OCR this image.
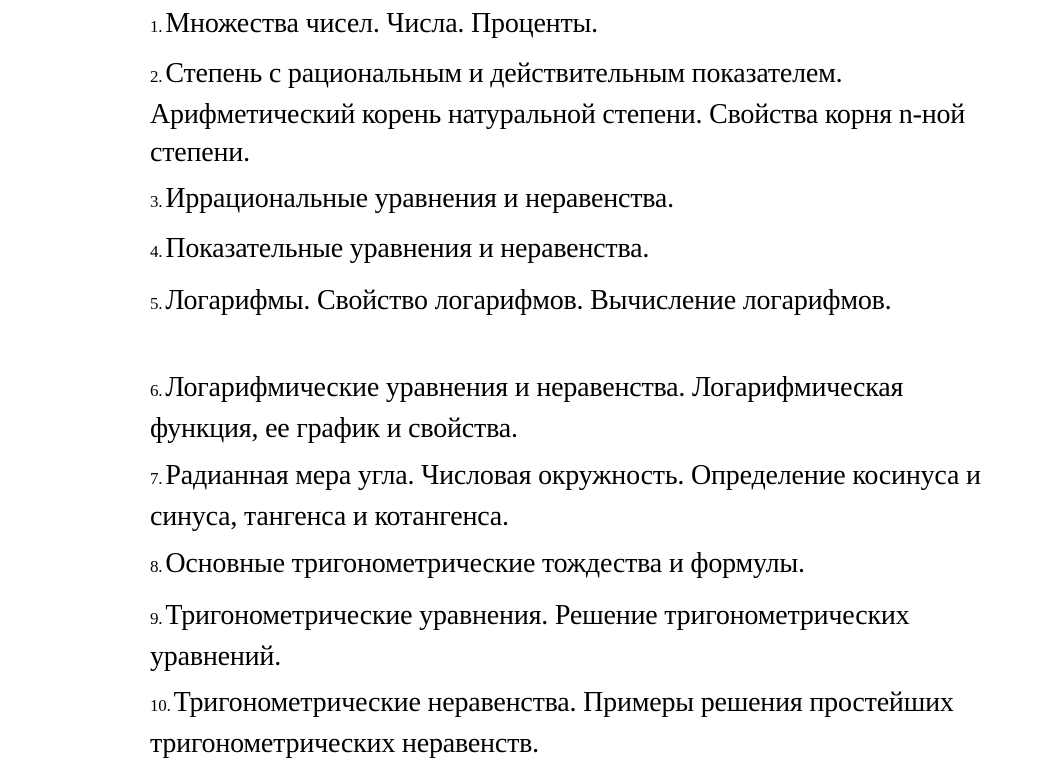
1. Множества чисел. Числа. Проценты.
2. Степень с рациональным и действительным показателем. Арифметический корень натуральной степени. Свойства корня n-ной степени.
3. Иррациональные уравнения и неравенства.
4. Показательные уравнения и неравенства.
5. Логарифмы. Свойство логарифмов. Вычисление логарифмов.
6. Логарифмические уравнения и неравенства. Логарифмическая функция, ее график и свойства.
7. Радианная мера угла. Числовая окружность. Определение косинуса и синуса, тангенса и котангенса.
8. Основные тригонометрические тождества и формулы.
9. Тригонометрические уравнения. Решение тригонометрических уравнений.
10. Тригонометрические неравенства. Примеры решения простейших тригонометрических неравенств.
